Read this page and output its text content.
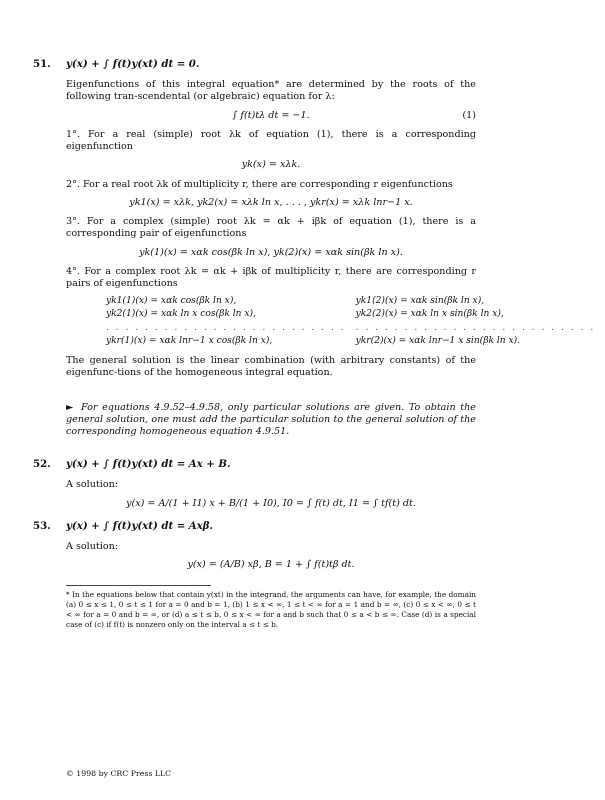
51.	y(x) + ∫ f(t)y(xt) dt = 0.

Eigenfunctions of this integral equation* are determined by the roots of the following tran-scendental (or algebraic) equation for λ:

∫ f(t)tλ dt = −1.	(1)

1°. For a real (simple) root λk of equation (1), there is a corresponding eigenfunction

yk(x) = xλk.

2°. For a real root λk of multiplicity r, there are corresponding r eigenfunctions

yk1(x) = xλk, yk2(x) = xλk ln x, . . . , ykr(x) = xλk lnr−1 x.

3°. For a complex (simple) root λk = αk + iβk of equation (1), there is a corresponding pair of eigenfunctions

yk(1)(x) = xαk cos(βk ln x), yk(2)(x) = xαk sin(βk ln x).

4°. For a complex root λk = αk + iβk of multiplicity r, there are corresponding r pairs of eigenfunctions

yk1(1)(x) = xαk cos(βk ln x),	yk1(2)(x) = xαk sin(βk ln x),
yk2(1)(x) = xαk ln x cos(βk ln x),	yk2(2)(x) = xαk ln x sin(βk ln x),
. . . . . . . . . . . . . . . . . . . . . . . . .	. . . . . . . . . . . . . . . . . . . . . . . . .
ykr(1)(x) = xαk lnr−1 x cos(βk ln x),	ykr(2)(x) = xαk lnr−1 x sin(βk ln x).

The general solution is the linear combination (with arbitrary constants) of the eigenfunc-tions of the homogeneous integral equation.

► For equations 4.9.52–4.9.58, only particular solutions are given. To obtain the general solution, one must add the particular solution to the general solution of the corresponding homogeneous equation 4.9.51.

52.	y(x) + ∫ f(t)y(xt) dt = Ax + B.

A solution:

y(x) = A/(1 + I1) x + B/(1 + I0), I0 = ∫ f(t) dt, I1 = ∫ tf(t) dt.
53.	y(x) + ∫ f(t)y(xt) dt = Axβ.

A solution:

y(x) = (A/B) xβ, B = 1 + ∫ f(t)tβ dt.
* In the equations below that contain y(xt) in the integrand, the arguments can have, for example, the domain (a) 0 ≤ x ≤ 1, 0 ≤ t ≤ 1 for a = 0 and b = 1, (b) 1 ≤ x < ∞, 1 ≤ t < ∞ for a = 1 and b = ∞, (c) 0 ≤ x < ∞, 0 ≤ t < ∞ for a = 0 and b = ∞, or (d) a ≤ t ≤ b, 0 ≤ x < ∞ for a and b such that 0 ≤ a < b ≤ ∞. Case (d) is a special case of (c) if f(t) is nonzero only on the interval a ≤ t ≤ b.
© 1998 by CRC Press LLC
